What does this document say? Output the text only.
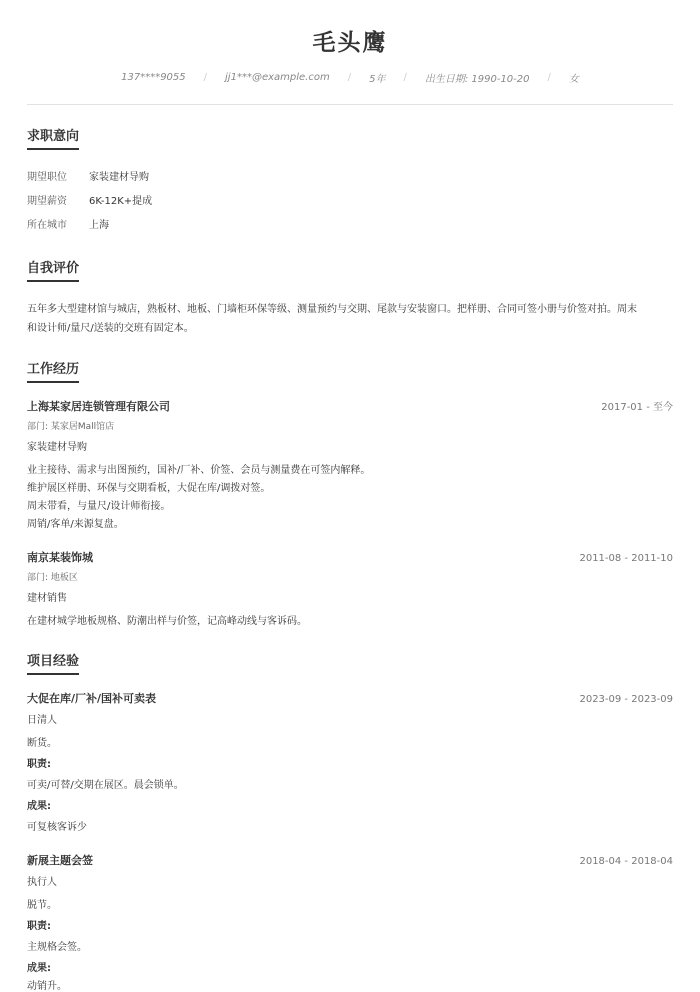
毛头鹰
137****9055 / jj1***@example.com / 5年 / 出生日期: 1990-10-20 / 女
求职意向
期望职位	家装建材导购
期望薪资	6K-12K+提成
所在城市	上海
自我评价
五年多大型建材馆与城店，熟板材、地板、门墙柜环保等级、测量预约与交期、尾款与安装窗口。把样册、合同可签小册与价签对拍。周末
和设计师/量尺/送装的交班有固定本。
工作经历
上海某家居连锁管理有限公司	2017-01 - 至今
部门: 某家居Mall馆店
家装建材导购
业主接待、需求与出图预约，国补/厂补、价签、会员与测量费在可签内解释。
维护展区样册、环保与交期看板，大促在库/调拨对签。
周末带看，与量尺/设计师衔接。
周销/客单/来源复盘。
南京某装饰城	2011-08 - 2011-10
部门: 地板区
建材销售
在建材城学地板规格、防潮出样与价签，记高峰动线与客诉码。
项目经验
大促在库/厂补/国补可卖表	2023-09 - 2023-09
日清人
断货。
职责:
可卖/可替/交期在展区。晨会锁单。
成果:
可复核客诉少
新展主题会签	2018-04 - 2018-04
执行人
脱节。
职责:
主规格会签。
成果:
动销升。
